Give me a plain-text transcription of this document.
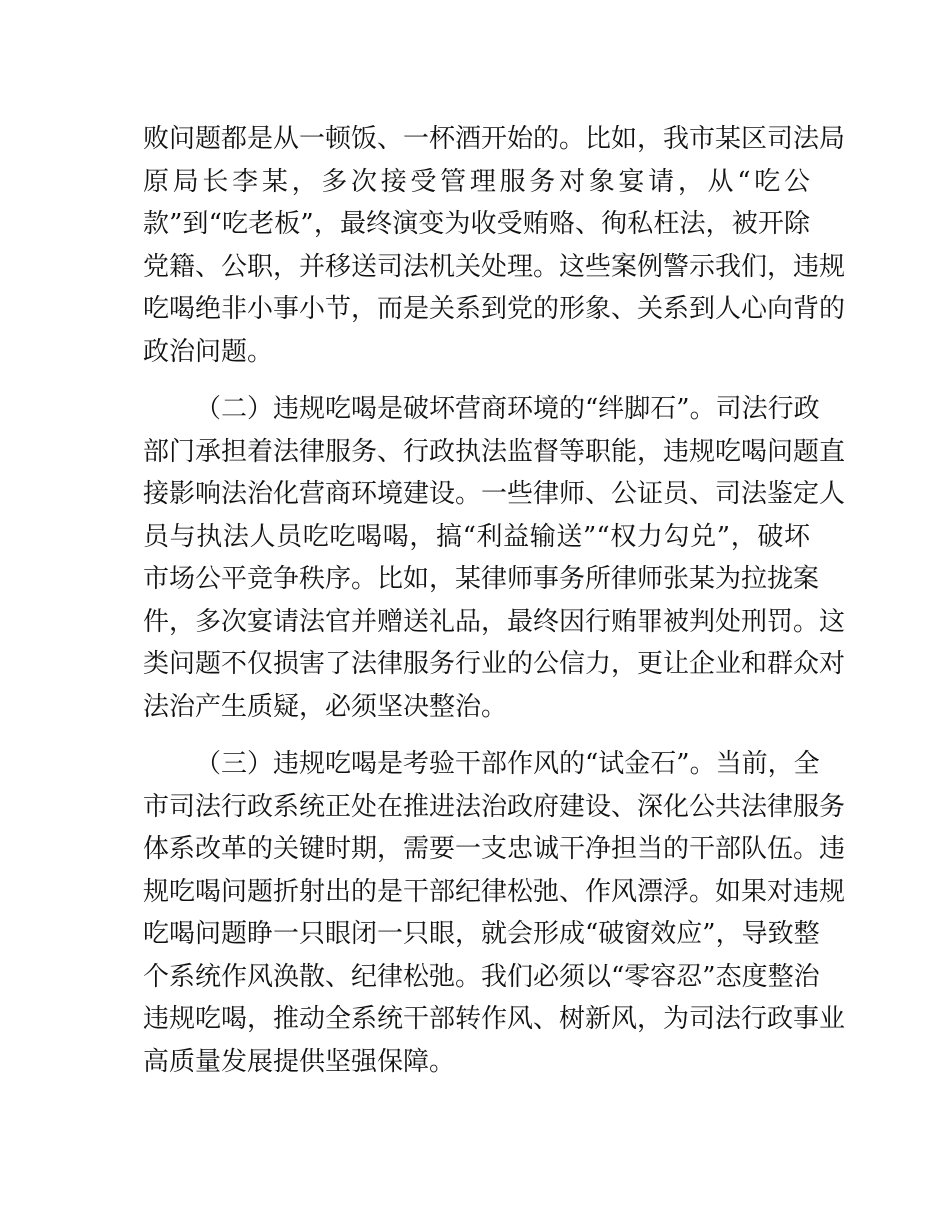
败问题都是从一顿饭、一杯酒开始的。比如，我市某区司法局
原局长李某，多次接受管理服务对象宴请，从“吃公
款”到“吃老板”，最终演变为收受贿赂、徇私枉法，被开除
党籍、公职，并移送司法机关处理。这些案例警示我们，违规
吃喝绝非小事小节，而是关系到党的形象、关系到人心向背的
政治问题。
（二）违规吃喝是破坏营商环境的“绊脚石”。司法行政
部门承担着法律服务、行政执法监督等职能，违规吃喝问题直
接影响法治化营商环境建设。一些律师、公证员、司法鉴定人
员与执法人员吃吃喝喝，搞“利益输送”“权力勾兑”，破坏
市场公平竞争秩序。比如，某律师事务所律师张某为拉拢案
件，多次宴请法官并赠送礼品，最终因行贿罪被判处刑罚。这
类问题不仅损害了法律服务行业的公信力，更让企业和群众对
法治产生质疑，必须坚决整治。
（三）违规吃喝是考验干部作风的“试金石”。当前，全
市司法行政系统正处在推进法治政府建设、深化公共法律服务
体系改革的关键时期，需要一支忠诚干净担当的干部队伍。违
规吃喝问题折射出的是干部纪律松弛、作风漂浮。如果对违规
吃喝问题睁一只眼闭一只眼，就会形成“破窗效应”，导致整
个系统作风涣散、纪律松弛。我们必须以“零容忍”态度整治
违规吃喝，推动全系统干部转作风、树新风，为司法行政事业
高质量发展提供坚强保障。
